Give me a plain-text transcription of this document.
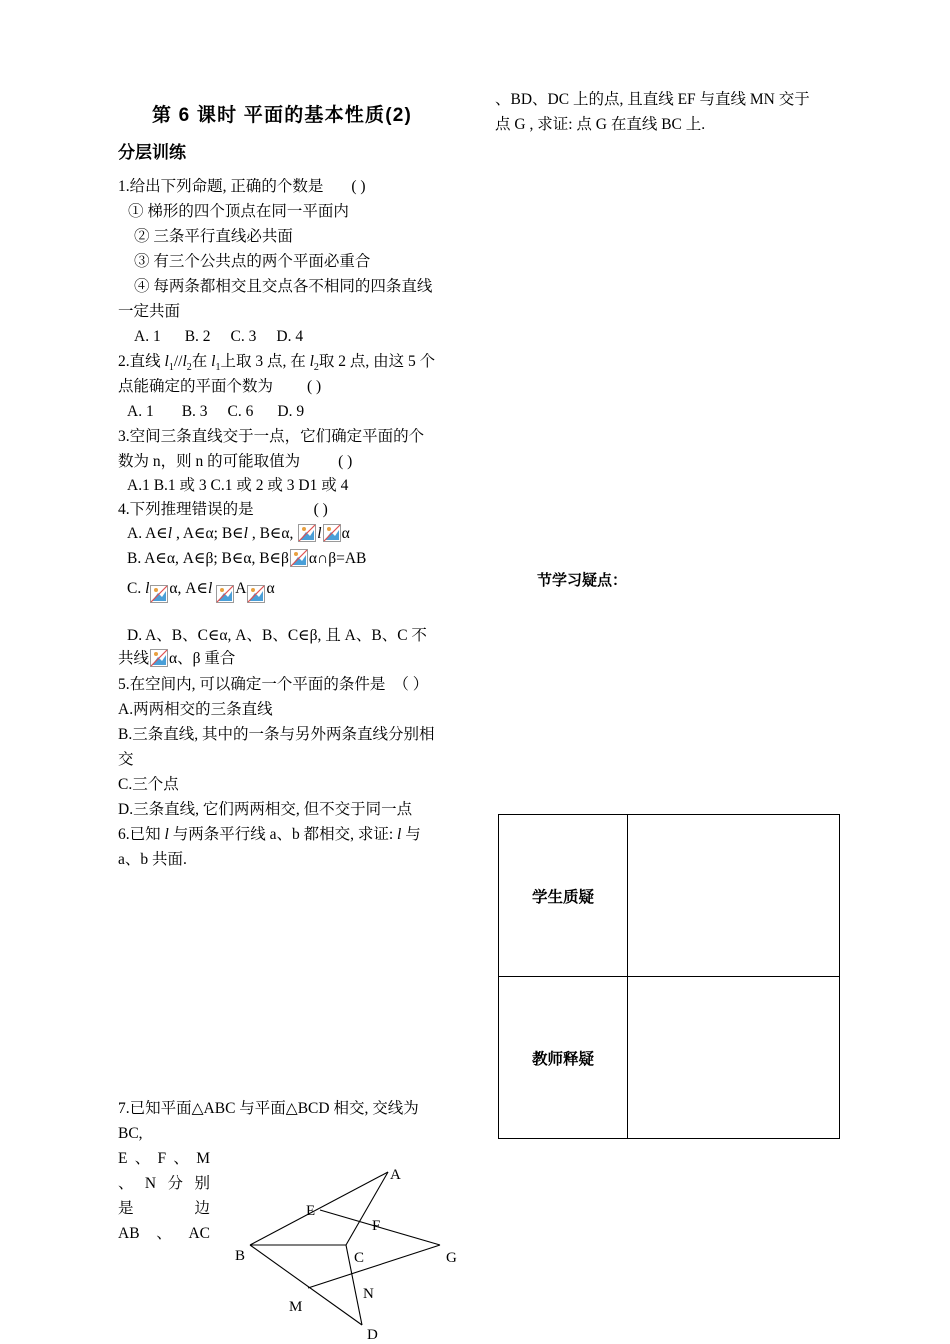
第 6 课时 平面的基本性质(2)
分层训练
1.给出下列命题, 正确的个数是 ( )
① 梯形的四个顶点在同一平面内
② 三条平行直线必共面
③ 有三个公共点的两个平面必重合
④ 每两条都相交且交点各不相同的四条直线
一定共面
A. 1 B. 2 C. 3 D. 4
2.直线 $l_1//l_2$在 $l_1$上取 3 点, 在 $l_2$取 2 点, 由这 5 个
点能确定的平面个数为 ( )
A. 1 B. 3 C. 6 D. 9
3.空间三条直线交于一点，它们确定平面的个
数为 n，则 n 的可能取值为 ( )
A.1 B.1 或 3 C.1 或 2 或 3 D1 或 4
4.下列推理错误的是	( )
A. A∈l , A∈α; B∈l , B∈α, l α
B. A∈α, A∈β; B∈α, B∈β α∩β=AB
C. l α, A∈l A α
D. A、B、C∈α, A、B、C∈β, 且 A、B、C 不
共线 α、β 重合
5.在空间内, 可以确定一个平面的条件是 （ ）
A.两两相交的三条直线
B.三条直线, 其中的一条与另外两条直线分别相
交
C.三个点
D.三条直线, 它们两两相交, 但不交于同一点
6.已知 l 与两条平行线 a、b 都相交, 求证: l 与
a、b 共面.
7.已知平面△ABC 与平面△BCD 相交, 交线为
BC,
E 、 F 、 M
、 N 分 别
是	边
AB 、 AC
A
E
F
B	C	G
N
M
D
、BD、DC 上的点, 且直线 EF 与直线 MN 交于
点 G , 求证: 点 G 在直线 BC 上.
节学习疑点：
学生质疑	
教师释疑	
